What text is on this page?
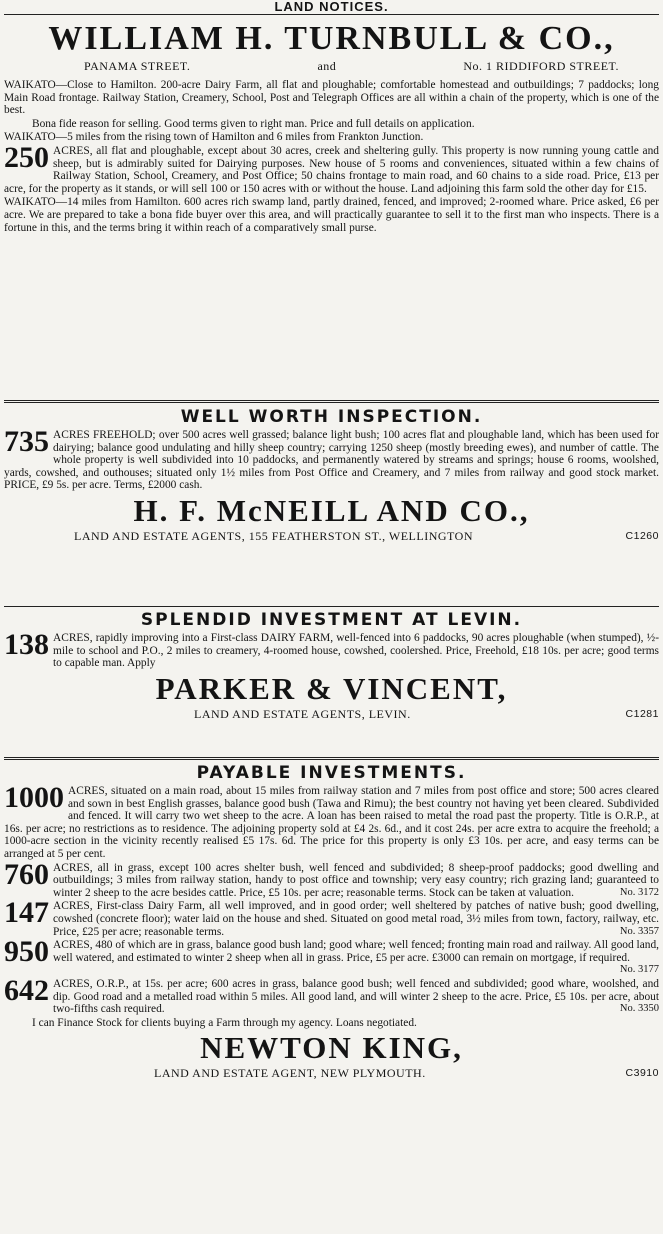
LAND NOTICES.
WILLIAM H. TURNBULL & CO.,
PANAMA STREET.	and	No. 1 RIDDIFORD STREET.

WAIKATO—Close to Hamilton. 200-acre Dairy Farm, all flat and ploughable; comfortable homestead and outbuildings; 7 paddocks; long Main Road frontage. Railway Station, Creamery, School, Post and Telegraph Offices are all within a chain of the property, which is one of the best.

Bona fide reason for selling. Good terms given to right man. Price and full details on application.

WAIKATO—5 miles from the rising town of Hamilton and 6 miles from Frankton Junction.

250 ACRES, all flat and ploughable, except about 30 acres, creek and sheltering gully. This property is now running young cattle and sheep, but is admirably suited for Dairying purposes. New house of 5 rooms and conveniences, situated within a few chains of Railway Station, School, Creamery, and Post Office; 50 chains frontage to main road, and 60 chains to a side road. Price, £13 per acre, for the property as it stands, or will sell 100 or 150 acres with or without the house. Land adjoining this farm sold the other day for £15.

WAIKATO—14 miles from Hamilton. 600 acres rich swamp land, partly drained, fenced, and improved; 2-roomed whare. Price asked, £6 per acre. We are prepared to take a bona fide buyer over this area, and will practically guarantee to sell it to the first man who inspects. There is a fortune in this, and the terms bring it within reach of a comparatively small purse.

WELL WORTH INSPECTION.
735 ACRES FREEHOLD; over 500 acres well grassed; balance light bush; 100 acres flat and ploughable land, which has been used for dairying; balance good undulating and hilly sheep country; carrying 1250 sheep (mostly breeding ewes), and number of cattle. The whole property is well subdivided into 10 paddocks, and permanently watered by streams and springs; house 6 rooms, woolshed, yards, cowshed, and outhouses; situated only 1½ miles from Post Office and Creamery, and 7 miles from railway and good stock market. PRICE, £9 5s. per acre. Terms, £2000 cash.
H. F. McNEILL AND CO.,
LAND AND ESTATE AGENTS, 155 FEATHERSTON ST., WELLINGTON	C1260
SPLENDID INVESTMENT AT LEVIN.
138 ACRES, rapidly improving into a First-class DAIRY FARM, well-fenced into 6 paddocks, 90 acres ploughable (when stumped), ½-mile to school and P.O., 2 miles to creamery, 4-roomed house, cowshed, coolershed. Price, Freehold, £18 10s. per acre; good terms to capable man. Apply
PARKER & VINCENT,
LAND AND ESTATE AGENTS, LEVIN.	C1281
PAYABLE INVESTMENTS.
1000 ACRES, situated on a main road, about 15 miles from railway station and 7 miles from post office and store; 500 acres cleared and sown in best English grasses, balance good bush (Tawa and Rimu); the best country not having yet been cleared. Subdivided and fenced. It will carry two wet sheep to the acre. A loan has been raised to metal the road past the property. Title is O.R.P., at 16s. per acre; no restrictions as to residence. The adjoining property sold at £4 2s. 6d., and it cost 24s. per acre extra to acquire the freehold; a 1000-acre section in the vicinity recently realised £5 17s. 6d. The price for this property is only £3 10s. per acre, and easy terms can be arranged at 5 per cent.
760 ACRES, all in grass, except 100 acres shelter bush, well fenced and subdivided; 8 sheep-proof paddocks; good dwelling and outbuildings; 3 miles from railway station, handy to post office and township; very easy country; rich grazing land; guaranteed to winter 2 sheep to the acre besides cattle. Price, £5 10s. per acre; reasonable terms. Stock can be taken at valuation.	No. 3172
147 ACRES, First-class Dairy Farm, all well improved, and in good order; well sheltered by patches of native bush; good dwelling, cowshed (concrete floor); water laid on the house and shed. Situated on good metal road, 3½ miles from town, factory, railway, etc. Price, £25 per acre; reasonable terms.	No. 3357
950 ACRES, 480 of which are in grass, balance good bush land; good whare; well fenced; fronting main road and railway. All good land, well watered, and estimated to winter 2 sheep when all in grass. Price, £5 per acre. £3000 can remain on mortgage, if required.
No. 3177
642 ACRES, O.R.P., at 15s. per acre; 600 acres in grass, balance good bush; well fenced and subdivided; good whare, woolshed, and dip. Good road and a metalled road within 5 miles. All good land, and will winter 2 sheep to the acre. Price, £5 10s. per acre, about two-fifths cash required.	No. 3350

I can Finance Stock for clients buying a Farm through my agency. Loans negotiated.

NEWTON KING,
LAND AND ESTATE AGENT, NEW PLYMOUTH.	C3910
